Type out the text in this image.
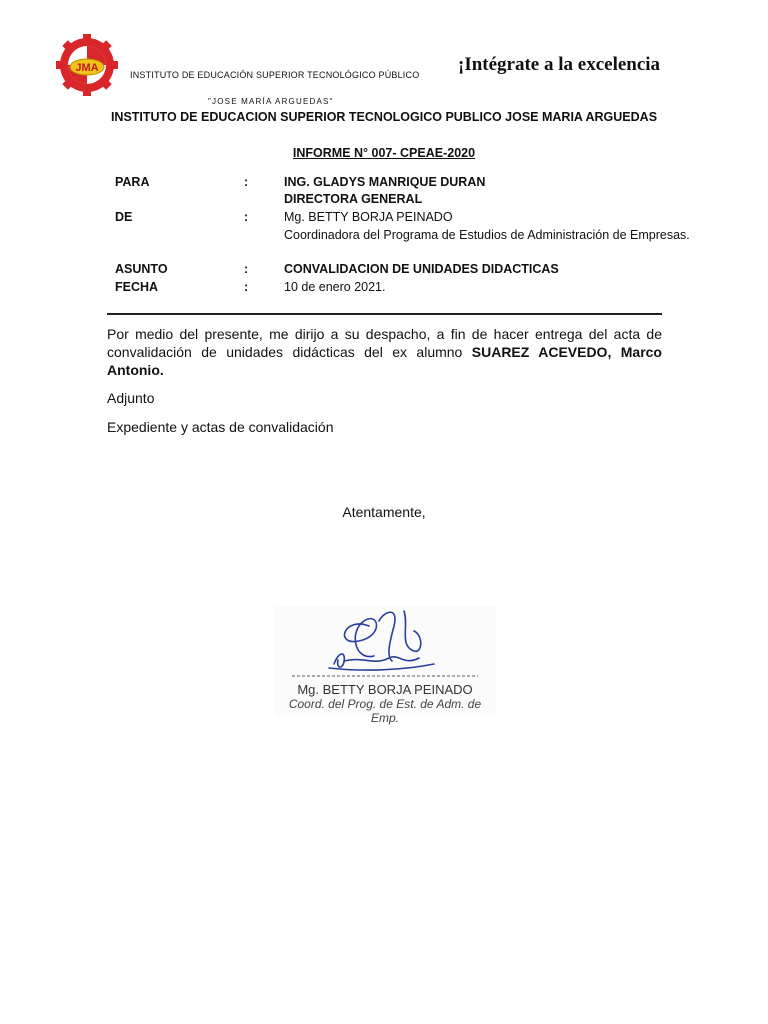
JMA
INSTITUTO DE EDUCACIÓN SUPERIOR TECNOLÓGICO PÚBLICO ¡Intégrate a la excelencia
"JOSE MARÍA ARGUEDAS"
INSTITUTO DE EDUCACION SUPERIOR TECNOLOGICO PUBLICO JOSE MARIA ARGUEDAS
INFORME N° 007- CPEAE-2020
PARA	:	ING. GLADYS MANRIQUE DURAN
DIRECTORA GENERAL
DE	:	Mg. BETTY BORJA PEINADO
Coordinadora del Programa de Estudios de Administración de Empresas.
ASUNTO	:	CONVALIDACION DE UNIDADES DIDACTICAS
FECHA	:	10 de enero 2021.
Por medio del presente, me dirijo a su despacho, a fin de hacer entrega del acta de
convalidación de unidades didácticas del ex alumno SUAREZ ACEVEDO, Marco
Antonio.
Adjunto
Expediente y actas de convalidación
Atentamente,
Mg. BETTY BORJA PEINADO
Coord. del Prog. de Est. de Adm. de Emp.
